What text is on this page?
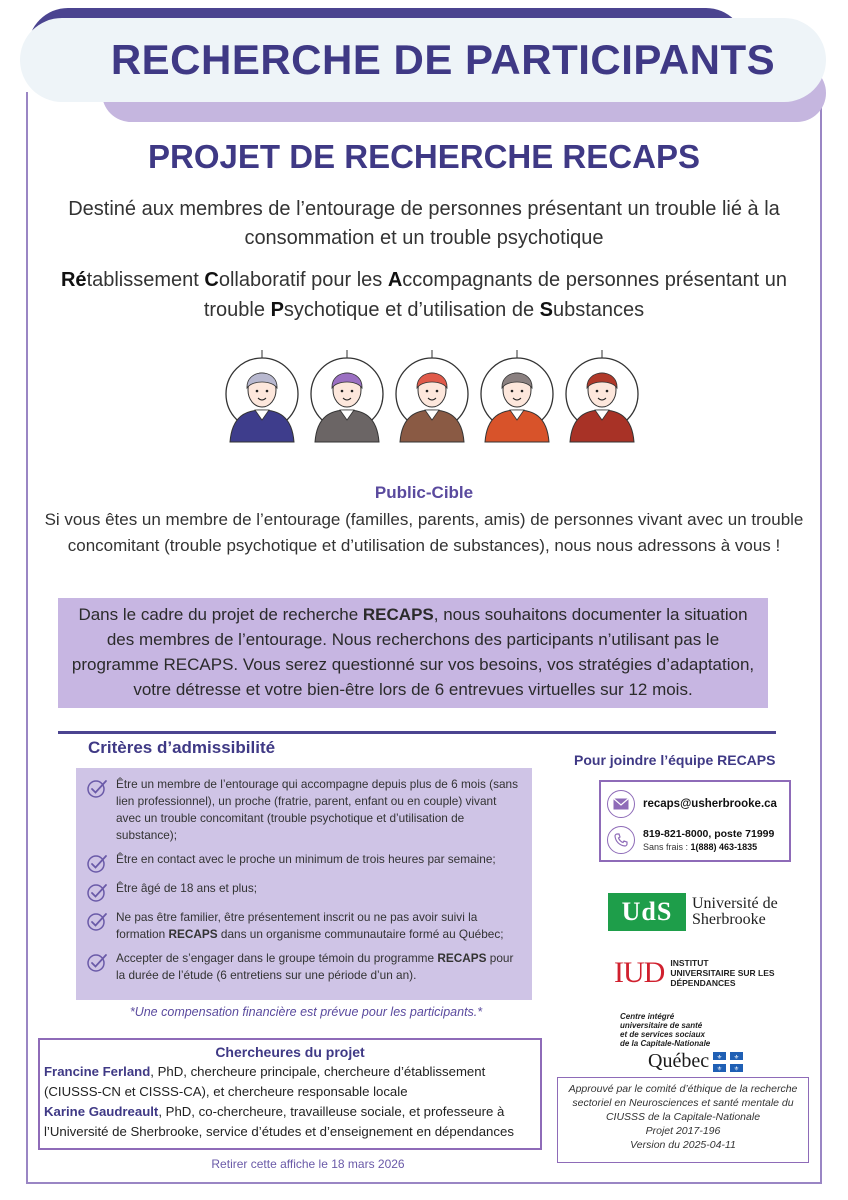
RECHERCHE DE PARTICIPANTS
PROJET DE RECHERCHE RECAPS
Destiné aux membres de l’entourage de personnes présentant un trouble lié à la consommation et un trouble psychotique
Rétablissement Collaboratif pour les Accompagnants de personnes présentant un trouble Psychotique et d’utilisation de Substances
Public-Cible
Si vous êtes un membre de l’entourage (familles, parents, amis) de personnes vivant avec un trouble concomitant (trouble psychotique et d’utilisation de substances), nous nous adressons à vous !
Dans le cadre du projet de recherche RECAPS, nous souhaitons documenter la situation des membres de l’entourage. Nous recherchons des participants n’utilisant pas le programme RECAPS. Vous serez questionné sur vos besoins, vos stratégies d’adaptation, votre détresse et votre bien-être lors de 6 entrevues virtuelles sur 12 mois.
Critères d’admissibilité
Être un membre de l’entourage qui accompagne depuis plus de 6 mois (sans lien professionnel), un proche (fratrie, parent, enfant ou en couple) vivant avec un trouble concomitant (trouble psychotique et d’utilisation de substance);
Être en contact avec le proche un minimum de trois heures par semaine;
Être âgé de 18 ans et plus;
Ne pas être familier, être présentement inscrit ou ne pas avoir suivi la formation RECAPS dans un organisme communautaire formé au Québec;
Accepter de s’engager dans le groupe témoin du programme RECAPS pour la durée de l’étude (6 entretiens sur une période d’un an).
*Une compensation financière est prévue pour les participants.*
Pour joindre l’équipe RECAPS
recaps@usherbrooke.ca
819-821-8000, poste 71999
Sans frais : 1(888) 463-1835
UdS	Université de
Sherbrooke
IUD INSTITUT
UNIVERSITAIRE SUR LES
DÉPENDANCES
Centre intégré
universitaire de santé
et de services sociaux
de la Capitale-Nationale
Québec ⚜ ⚜
⚜ ⚜
Chercheures du projet
Francine Ferland, PhD, chercheure principale, chercheure d’établissement (CIUSSS-CN et CISSS-CA), et chercheure responsable locale
Karine Gaudreault, PhD, co-chercheure, travailleuse sociale, et professeure à l’Université de Sherbrooke, service d’études et d’enseignement en dépendances
Retirer cette affiche le 18 mars 2026
Approuvé par le comité d’éthique de la recherche sectoriel en Neurosciences et santé mentale du CIUSSS de la Capitale-Nationale
Projet 2017-196
Version du 2025-04-11
